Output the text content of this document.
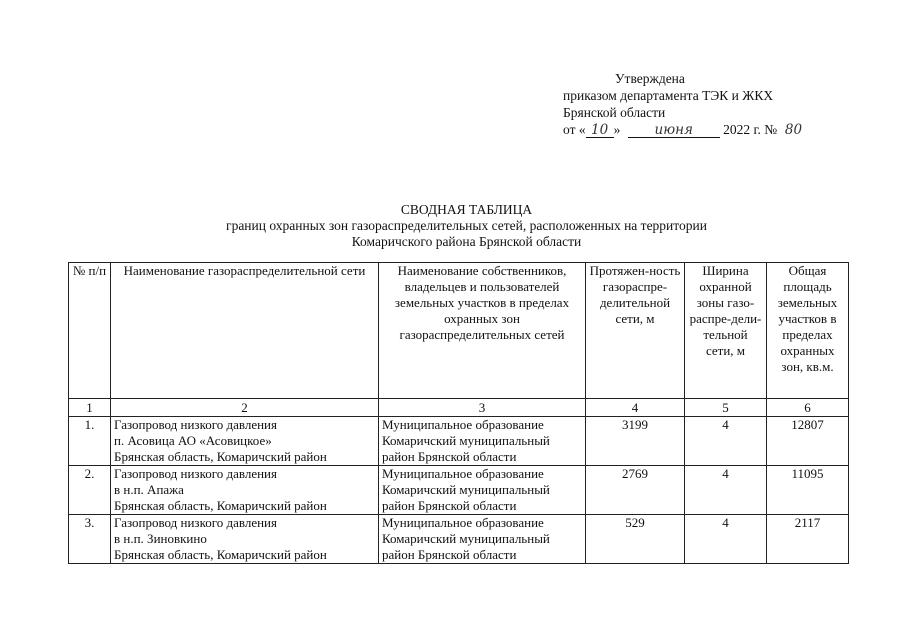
Утверждена
приказом департамента ТЭК и ЖКХ
Брянской области
от « 10 »	июня 2022 г. № 80
СВОДНАЯ ТАБЛИЦА
границ охранных зон газораспределительных сетей, расположенных на территории
Комаричского района Брянской области
№ п/п	Наименование газораспределительной сети	Наименование собственников, владельцев и пользователей земельных участков в пределах охранных зон газораспределительных сетей	Протяжен-ность газораспре-делительной сети, м	Ширина охранной зоны газо-распре-дели-тельной сети, м	Общая площадь земельных участков в пределах охранных зон, кв.м.
1	2	3	4	5	6
1.	Газопровод низкого давления
п. Асовица АО «Асовицкое»
Брянская область, Комаричский район	Муниципальное образование Комаричский муниципальный район Брянской области	3199	4	12807
2.	Газопровод низкого давления
в н.п. Апажа
Брянская область, Комаричский район	Муниципальное образование Комаричский муниципальный район Брянской области	2769	4	11095
3.	Газопровод низкого давления
в н.п. Зиновкино
Брянская область, Комаричский район	Муниципальное образование Комаричский муниципальный район Брянской области	529	4	2117
